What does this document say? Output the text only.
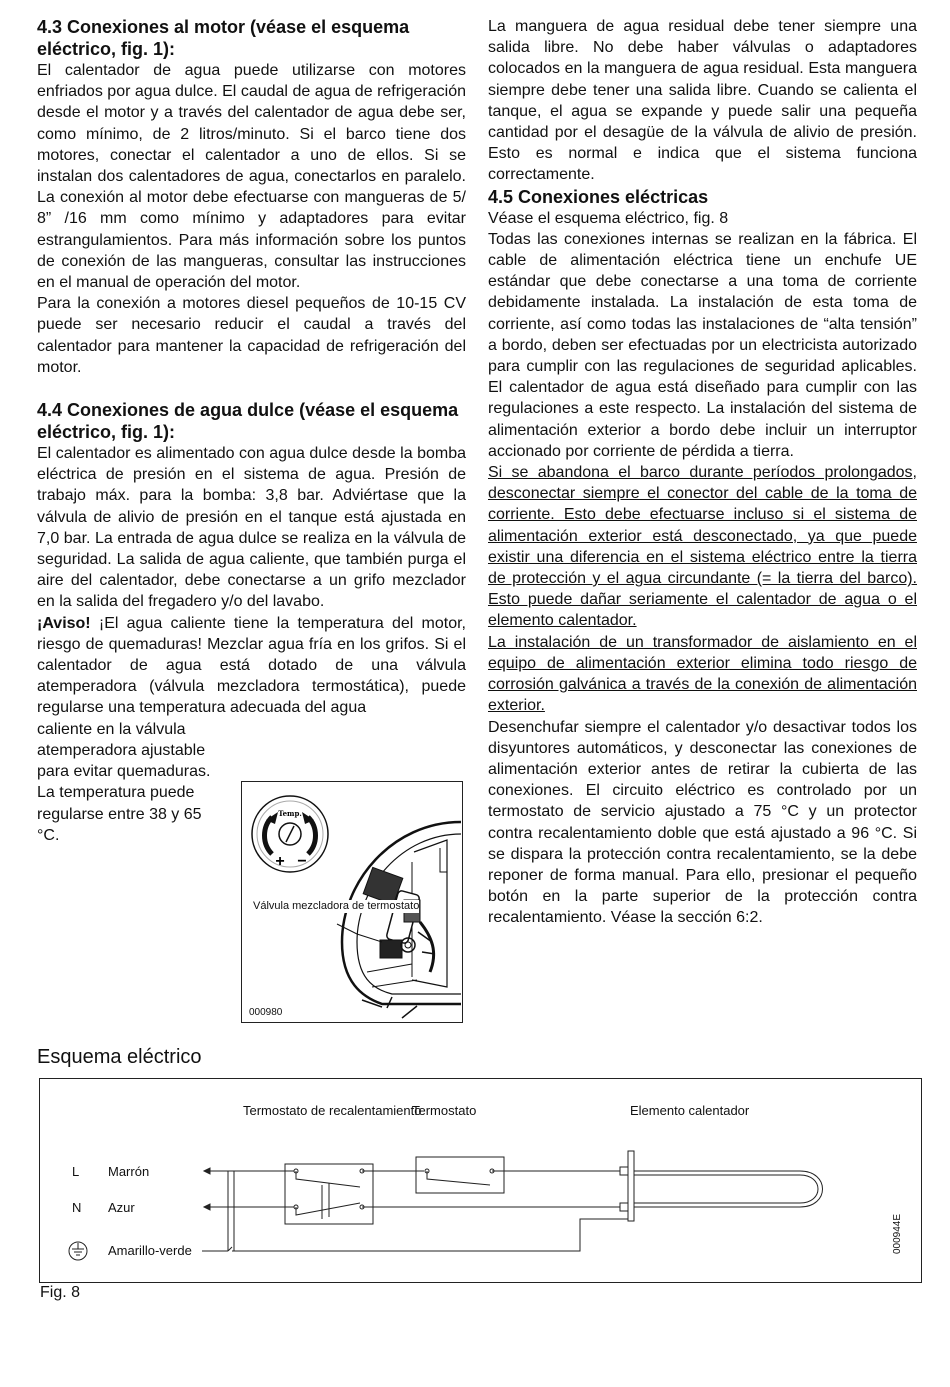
4.3 Conexiones al motor (véase el esquema eléctrico, fig. 1):

El calentador de agua puede utilizarse con motores enfriados por agua dulce. El caudal de agua de refrigeración desde el motor y a través del calentador de agua debe ser, como mínimo, de 2 litros/minuto. Si el barco tiene dos motores, conectar el calentador a uno de ellos. Si se instalan dos calentadores de agua, conectarlos en paralelo. La conexión al motor debe efectuarse con mangueras de 5/ 8” /16 mm como mínimo y adaptadores para evitar estrangulamientos. Para más información sobre los puntos de conexión de las mangueras, consultar las instrucciones en el manual de operación del motor.

Para la conexión a motores diesel pequeños de 10-15 CV puede ser necesario reducir el caudal a través del calentador para mantener la capacidad de refrigeración del motor.

4.4 Conexiones de agua dulce (véase el esquema eléctrico, fig. 1):

El calentador es alimentado con agua dulce desde la bomba eléctrica de presión en el sistema de agua. Presión de trabajo máx. para la bomba: 3,8 bar. Adviértase que la válvula de alivio de presión en el tanque está ajustada en 7,0 bar. La entrada de agua dulce se realiza en la válvula de seguridad. La salida de agua caliente, que también purga el aire del calentador, debe conectarse a un grifo mezclador en la salida del fregadero y/o del lavabo.

¡Aviso! ¡El agua caliente tiene la temperatura del motor, riesgo de quemaduras! Mezclar agua fría en los grifos. Si el calentador de agua está dotado de una válvula atemperadora (válvula mezcladora termostática), puede regularse una temperatura adecuada del agua

caliente en la válvula atemperadora ajustable para evitar quemaduras. La temperatura puede regularse entre 38 y 65 °C.

Temp.
+ −
Válvula mezcladora de termostato
000980

La manguera de agua residual debe tener siempre una salida libre. No debe haber válvulas o adaptadores colocados en la manguera de agua residual. Esta manguera siempre debe tener una salida libre. Cuando se calienta el tanque, el agua se expande y puede salir una pequeña cantidad por el desagüe de la válvula de alivio de presión. Esto es normal e indica que el sistema funciona correctamente.

4.5 Conexiones eléctricas

Véase el esquema eléctrico, fig. 8

Todas las conexiones internas se realizan en la fábrica. El cable de alimentación eléctrica tiene un enchufe UE estándar que debe conectarse a una toma de corriente debidamente instalada. La instalación de esta toma de corriente, así como todas las instalaciones de “alta tensión” a bordo, deben ser efectuadas por un electricista autorizado para cumplir con las regulaciones de seguridad aplicables. El calentador de agua está diseñado para cumplir con las regulaciones a este respecto. La instalación del sistema de alimentación exterior a bordo debe incluir un interruptor accionado por corriente de pérdida a tierra.

Si se abandona el barco durante períodos prolongados, desconectar siempre el conector del cable de la toma de corriente. Esto debe efectuarse incluso si el sistema de alimentación exterior está desconectado, ya que puede existir una diferencia en el sistema eléctrico entre la tierra de protección y el agua circundante (= la tierra del barco). Esto puede dañar seriamente el calentador de agua o el elemento calentador.

La instalación de un transformador de aislamiento en el equipo de alimentación exterior elimina todo riesgo de corrosión galvánica a través de la conexión de alimentación exterior.

Desenchufar siempre el calentador y/o desactivar todos los disyuntores automáticos, y desconectar las conexiones de alimentación exterior antes de retirar la cubierta de las conexiones. El circuito eléctrico es controlado por un termostato de servicio ajustado a 75 °C y un protector contra recalentamiento doble que está ajustado a 96 °C. Si se dispara la protección contra recalentamiento, se la debe reponer de forma manual. Para ello, presionar el pequeño botón en la parte superior de la protección contra recalentamiento. Véase la sección 6:2.

Esquema eléctrico
Termostato de recalentamiento
Termostato	Elemento calentador
L
N
Marrón
Azur
Amarillo-verde	000944E
Fig. 8
